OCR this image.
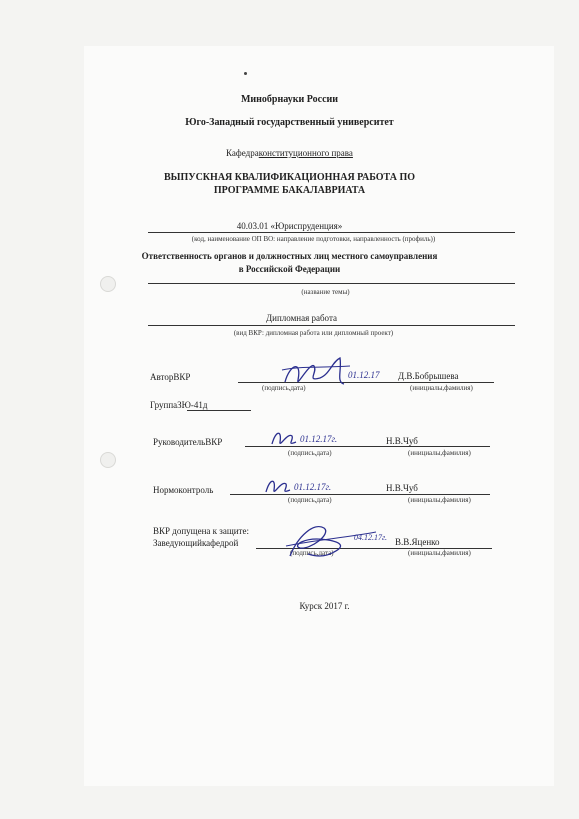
Минобрнауки России
Юго-Западный государственный университет
Кафедраконституционного права
ВЫПУСКНАЯ КВАЛИФИКАЦИОННАЯ РАБОТА ПО
ПРОГРАММЕ БАКАЛАВРИАТА
40.03.01 «Юриспруденция»
(код, наименование ОП ВО: направление подготовки, направленность (профиль))
Ответственность органов и должностных лиц местного самоуправления
в Российской Федерации
(название темы)
Дипломная работа
(вид ВКР: дипломная работа или дипломный проект)
АвторВКР	Д.В.Бобрышева
(подпись,дата)	(инициалы,фамилия)
01.12.17
ГруппаЗЮ-41д
РуководительВКР	Н.В.Чуб
(подпись,дата)	(инициалы,фамилия)
01.12.17г.
Нормоконтроль	Н.В.Чуб
(подпись,дата)	(инициалы,фамилия)
01.12.17г.
ВКР допущена к защите:
Заведующийкафедрой	В.В.Яценко
(подпись,дата)	(инициалы,фамилия)
04.12.17г.
Курск 2017 г.
